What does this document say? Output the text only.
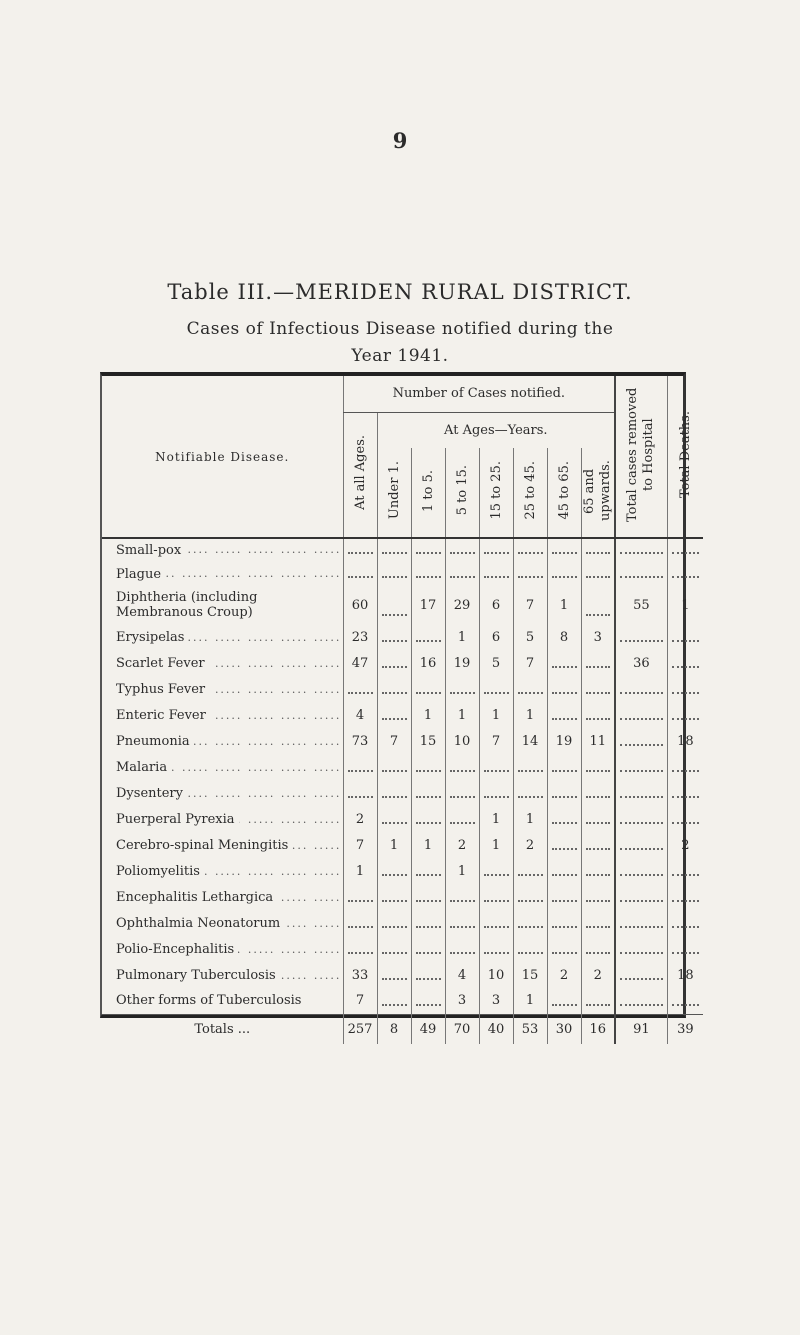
9
Table III.—MERIDEN RURAL DISTRICT.
Cases of Infectious Disease notified during the
Year 1941.
Notifiable Disease.	Number of Cases notified.								Total cases removed to Hospital	Total Deaths.
	At all Ages.	At Ages—Years.								
		Under 1.	1 to 5.	5 to 15.	15 to 25.	25 to 45.	45 to 65.	65 and upwards.		
Small-pox .....										
Plague .....										
Diphtheria (including Membranous Croup)	60		17	29	6	7	1		55	1
Erysipelas .....	23			1	6	5	8	3		
Scarlet Fever .....	47		16	19	5	7			36	
Typhus Fever .....										
Enteric Fever .....	4		1	1	1	1				
Pneumonia .....	73	7	15	10	7	14	19	11		18
Malaria .....										
Dysentery .....										
Puerperal Pyrexia .....	2				1	1				
Cerebro-spinal Meningitis .....	7	1	1	2	1	2				2
Poliomyelitis .....	1			1						
Encephalitis Lethargica .....										
Ophthalmia Neonatorum .....										
Polio-Encephalitis .....										
Pulmonary Tuberculosis .....	33			4	10	15	2	2		18
Other forms of Tuberculosis	7			3	3	1				
Totals ...	257	8	49	70	40	53	30	16	91	39
